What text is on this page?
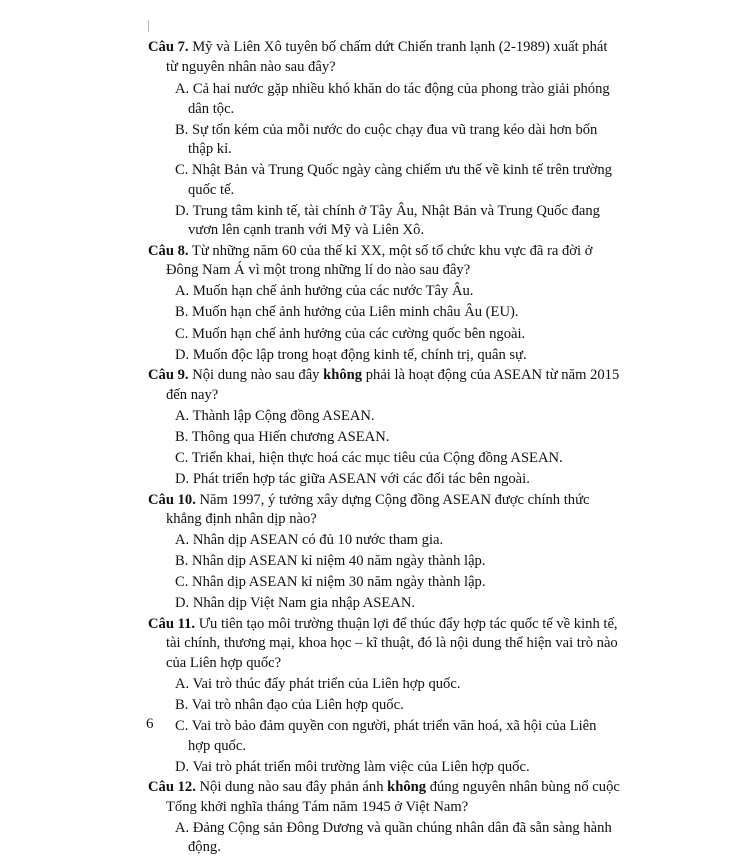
Câu 7. Mỹ và Liên Xô tuyên bố chấm dứt Chiến tranh lạnh (2-1989) xuất phát từ nguyên nhân nào sau đây?

A. Cả hai nước gặp nhiều khó khăn do tác động của phong trào giải phóng dân tộc.

B. Sự tốn kém của mỗi nước do cuộc chạy đua vũ trang kéo dài hơn bốn thập kỉ.

C. Nhật Bản và Trung Quốc ngày càng chiếm ưu thế về kinh tế trên trường quốc tế.

D. Trung tâm kinh tế, tài chính ở Tây Âu, Nhật Bản và Trung Quốc đang vươn lên cạnh tranh với Mỹ và Liên Xô.

Câu 8. Từ những năm 60 của thế kỉ XX, một số tổ chức khu vực đã ra đời ở Đông Nam Á vì một trong những lí do nào sau đây?

A. Muốn hạn chế ảnh hưởng của các nước Tây Âu.

B. Muốn hạn chế ảnh hưởng của Liên minh châu Âu (EU).

C. Muốn hạn chế ảnh hưởng của các cường quốc bên ngoài.

D. Muốn độc lập trong hoạt động kinh tế, chính trị, quân sự.

Câu 9. Nội dung nào sau đây không phải là hoạt động của ASEAN từ năm 2015 đến nay?

A. Thành lập Cộng đồng ASEAN.

B. Thông qua Hiến chương ASEAN.

C. Triển khai, hiện thực hoá các mục tiêu của Cộng đồng ASEAN.

D. Phát triển hợp tác giữa ASEAN với các đối tác bên ngoài.

Câu 10. Năm 1997, ý tưởng xây dựng Cộng đồng ASEAN được chính thức khẳng định nhân dịp nào?

A. Nhân dịp ASEAN có đủ 10 nước tham gia.

B. Nhân dịp ASEAN kỉ niệm 40 năm ngày thành lập.

C. Nhân dịp ASEAN kỉ niệm 30 năm ngày thành lập.

D. Nhân dịp Việt Nam gia nhập ASEAN.

Câu 11. Ưu tiên tạo môi trường thuận lợi để thúc đẩy hợp tác quốc tế về kinh tế, tài chính, thương mại, khoa học – kĩ thuật, đó là nội dung thể hiện vai trò nào của Liên hợp quốc?

A. Vai trò thúc đẩy phát triển của Liên hợp quốc.

B. Vai trò nhân đạo của Liên hợp quốc.

C. Vai trò bảo đảm quyền con người, phát triển văn hoá, xã hội của Liên hợp quốc.

D. Vai trò phát triển môi trường làm việc của Liên hợp quốc.

Câu 12. Nội dung nào sau đây phản ánh không đúng nguyên nhân bùng nổ cuộc Tổng khởi nghĩa tháng Tám năm 1945 ở Việt Nam?

A. Đảng Cộng sản Đông Dương và quần chúng nhân dân đã sẵn sàng hành động.

6
